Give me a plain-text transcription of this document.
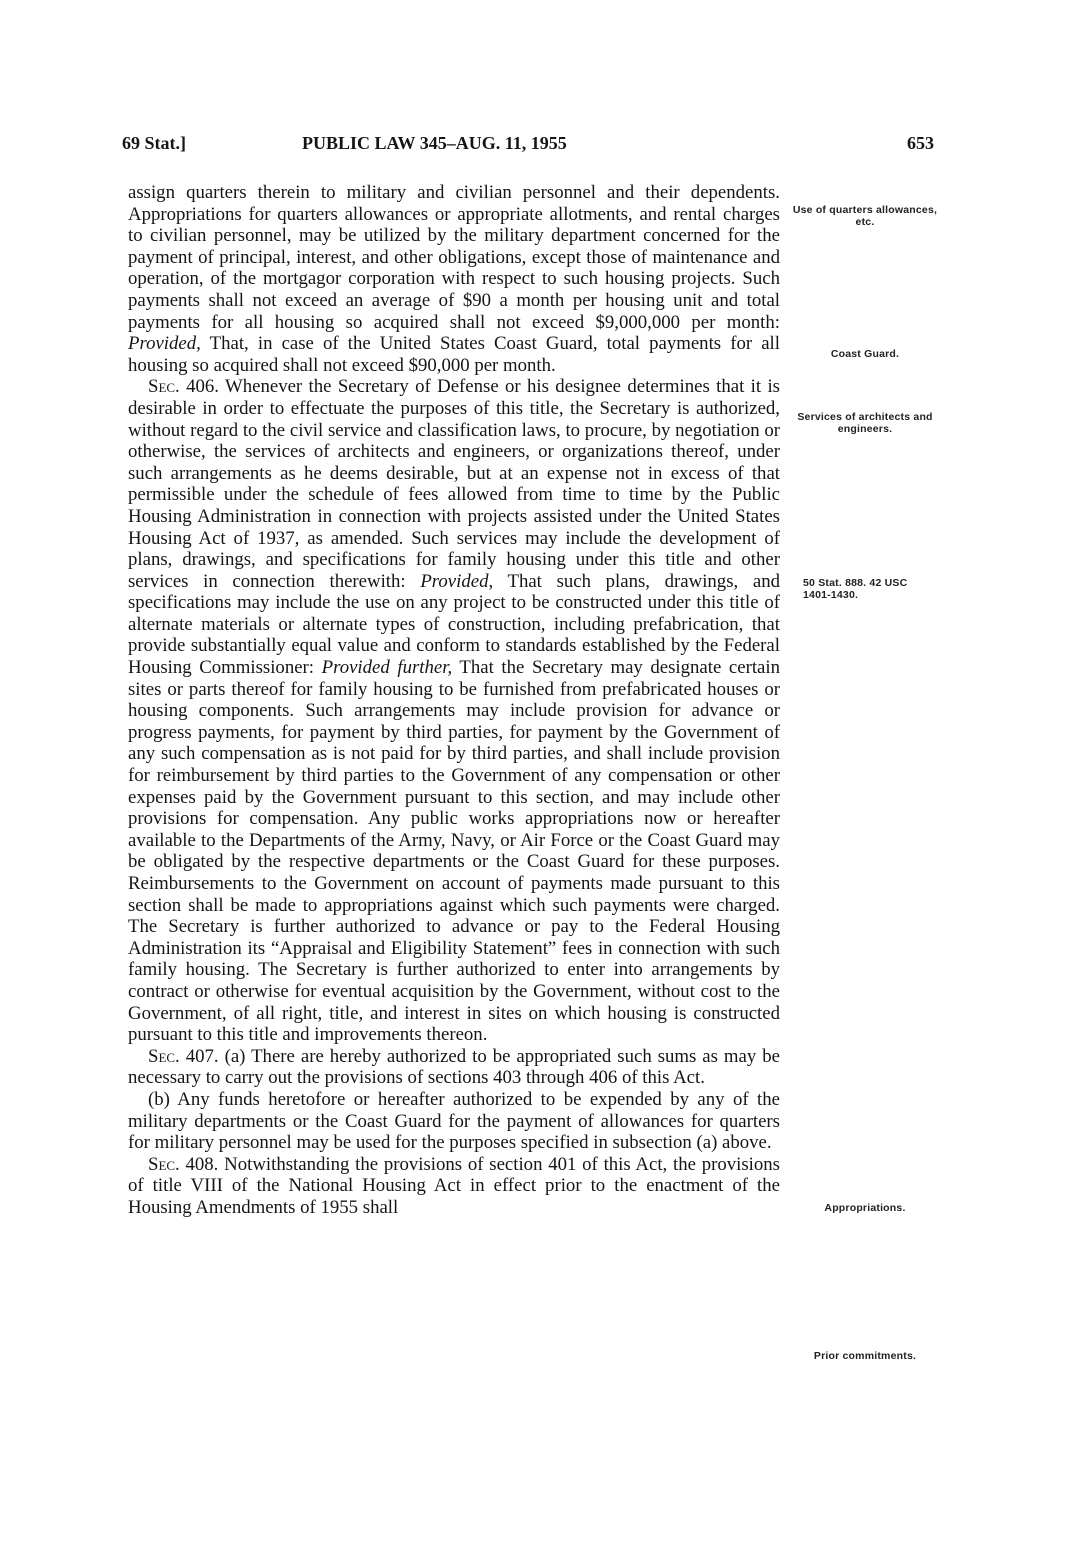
69 Stat.]	PUBLIC LAW 345–AUG. 11, 1955	653

assign quarters therein to military and civilian personnel and their dependents. Appropriations for quarters allowances or appropriate allotments, and rental charges to civilian personnel, may be utilized by the military department concerned for the payment of principal, interest, and other obligations, except those of maintenance and operation, of the mortgagor corporation with respect to such housing projects. Such payments shall not exceed an average of $90 a month per housing unit and total payments for all housing so acquired shall not exceed $9,000,000 per month: Provided, That, in case of the United States Coast Guard, total payments for all housing so acquired shall not exceed $90,000 per month.

Sec. 406. Whenever the Secretary of Defense or his designee determines that it is desirable in order to effectuate the purposes of this title, the Secretary is authorized, without regard to the civil service and classification laws, to procure, by negotiation or otherwise, the services of architects and engineers, or organizations thereof, under such arrangements as he deems desirable, but at an expense not in excess of that permissible under the schedule of fees allowed from time to time by the Public Housing Administration in connection with projects assisted under the United States Housing Act of 1937, as amended. Such services may include the development of plans, drawings, and specifications for family housing under this title and other services in connection therewith: Provided, That such plans, drawings, and specifications may include the use on any project to be constructed under this title of alternate materials or alternate types of construction, including prefabrication, that provide substantially equal value and conform to standards established by the Federal Housing Commissioner: Provided further, That the Secretary may designate certain sites or parts thereof for family housing to be furnished from prefabricated houses or housing components. Such arrangements may include provision for advance or progress payments, for payment by third parties, for payment by the Government of any such compensation as is not paid for by third parties, and shall include provision for reimbursement by third parties to the Government of any compensation or other expenses paid by the Government pursuant to this section, and may include other provisions for compensation. Any public works appropriations now or hereafter available to the Departments of the Army, Navy, or Air Force or the Coast Guard may be obligated by the respective departments or the Coast Guard for these purposes. Reimbursements to the Government on account of payments made pursuant to this section shall be made to appropriations against which such payments were charged. The Secretary is further authorized to advance or pay to the Federal Housing Administration its “Appraisal and Eligibility Statement” fees in connection with such family housing. The Secretary is further authorized to enter into arrangements by contract or otherwise for eventual acquisition by the Government, without cost to the Government, of all right, title, and interest in sites on which housing is constructed pursuant to this title and improvements thereon.

Sec. 407. (a) There are hereby authorized to be appropriated such sums as may be necessary to carry out the provisions of sections 403 through 406 of this Act.

(b) Any funds heretofore or hereafter authorized to be expended by any of the military departments or the Coast Guard for the payment of allowances for quarters for military personnel may be used for the purposes specified in subsection (a) above.

Sec. 408. Notwithstanding the provisions of section 401 of this Act, the provisions of title VIII of the National Housing Act in effect prior to the enactment of the Housing Amendments of 1955 shall

Use of quarters allowances, etc.
Coast Guard.
Services of architects and engineers.
50 Stat. 888. 42 USC 1401-1430.
Appropriations.
Prior commitments.
